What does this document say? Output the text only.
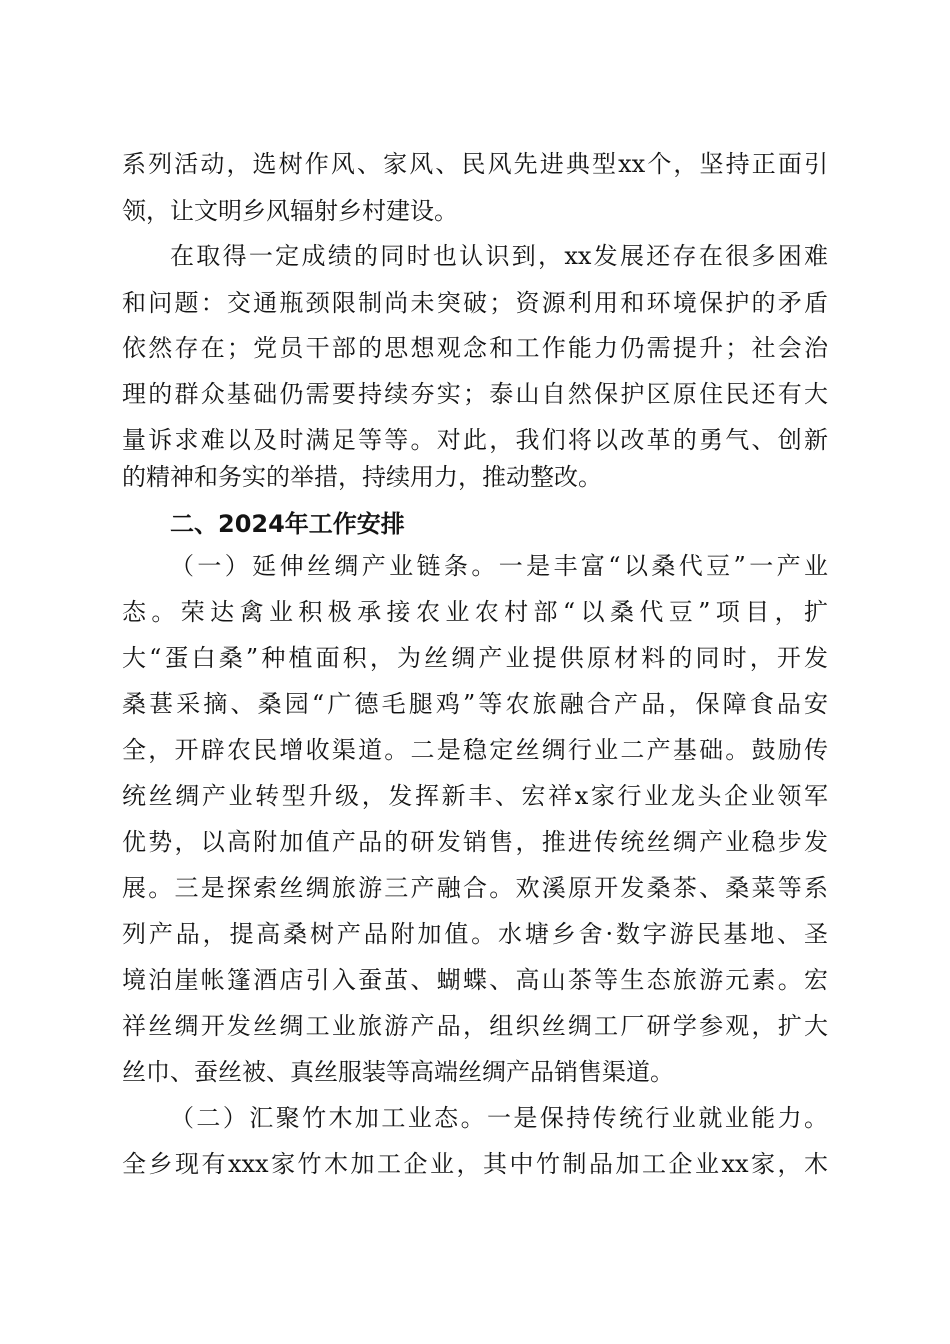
系列活动，选树作风、家风、民风先进典型xx个，坚持正面引
领，让文明乡风辐射乡村建设。
在取得一定成绩的同时也认识到，xx发展还存在很多困难
和问题：交通瓶颈限制尚未突破；资源利用和环境保护的矛盾
依然存在；党员干部的思想观念和工作能力仍需提升；社会治
理的群众基础仍需要持续夯实；泰山自然保护区原住民还有大
量诉求难以及时满足等等。对此，我们将以改革的勇气、创新
的精神和务实的举措，持续用力，推动整改。
二、2024年工作安排
（一）延伸丝绸产业链条。一是丰富“以桑代豆”一产业
态。荣达禽业积极承接农业农村部“以桑代豆”项目，扩
大“蛋白桑”种植面积，为丝绸产业提供原材料的同时，开发
桑葚采摘、桑园“广德毛腿鸡”等农旅融合产品，保障食品安
全，开辟农民增收渠道。二是稳定丝绸行业二产基础。鼓励传
统丝绸产业转型升级，发挥新丰、宏祥x家行业龙头企业领军
优势，以高附加值产品的研发销售，推进传统丝绸产业稳步发
展。三是探索丝绸旅游三产融合。欢溪原开发桑茶、桑菜等系
列产品，提高桑树产品附加值。水塘乡舍·数字游民基地、圣
境泊崖帐篷酒店引入蚕茧、蝴蝶、高山茶等生态旅游元素。宏
祥丝绸开发丝绸工业旅游产品，组织丝绸工厂研学参观，扩大
丝巾、蚕丝被、真丝服装等高端丝绸产品销售渠道。
（二）汇聚竹木加工业态。一是保持传统行业就业能力。
全乡现有xxx家竹木加工企业，其中竹制品加工企业xx家，木
